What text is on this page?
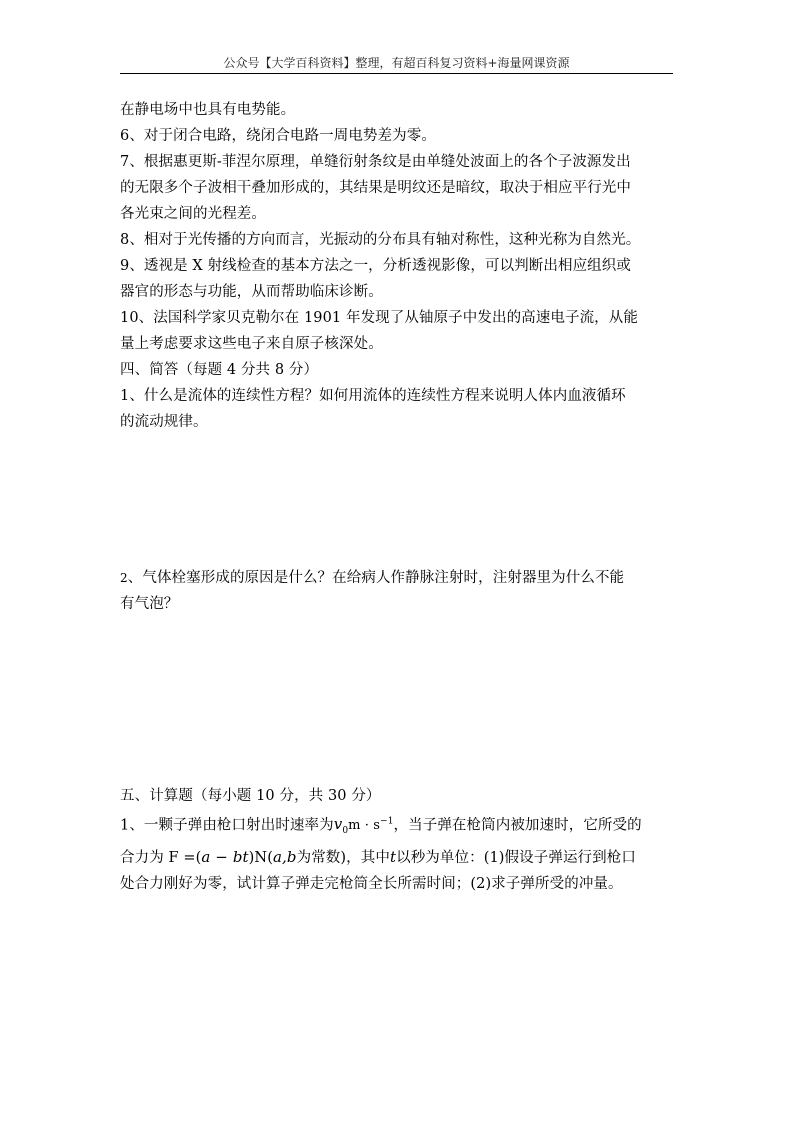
公众号【大学百科资料】整理，有超百科复习资料+海量网课资源

在静电场中也具有电势能。

6、对于闭合电路，绕闭合电路一周电势差为零。

7、根据惠更斯-菲涅尔原理，单缝衍射条纹是由单缝处波面上的各个子波源发出

的无限多个子波相干叠加形成的，其结果是明纹还是暗纹，取决于相应平行光中

各光束之间的光程差。

8、相对于光传播的方向而言，光振动的分布具有轴对称性，这种光称为自然光。

9、透视是 X 射线检查的基本方法之一，分析透视影像，可以判断出相应组织或

器官的形态与功能，从而帮助临床诊断。

10、法国科学家贝克勒尔在 1901 年发现了从铀原子中发出的高速电子流，从能

量上考虑要求这些电子来自原子核深处。

四、简答（每题 4 分共 8 分）

1、什么是流体的连续性方程？如何用流体的连续性方程来说明人体内血液循环

的流动规律。

2、气体栓塞形成的原因是什么？在给病人作静脉注射时，注射器里为什么不能

有气泡？

五、计算题（每小题 10 分，共 30 分）

1、一颗子弹由枪口射出时速率为$v_0m \cdot s^{-1}$，当子弹在枪筒内被加速时，它所受的

合力为 F =(a − bt)N(a,b为常数)，其中t以秒为单位：(1)假设子弹运行到枪口

处合力刚好为零，试计算子弹走完枪筒全长所需时间；(2)求子弹所受的冲量。
